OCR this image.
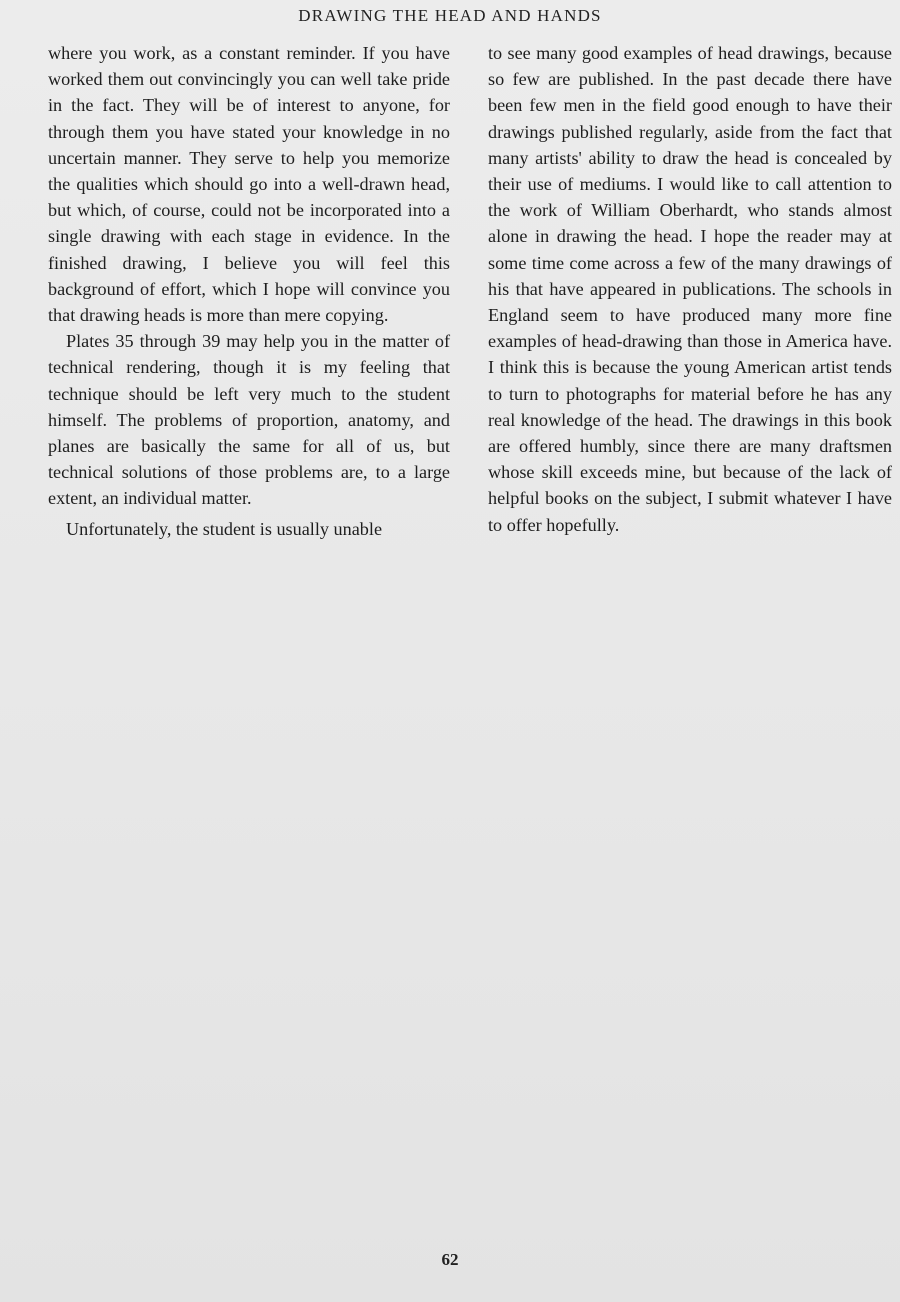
DRAWING THE HEAD AND HANDS

where you work, as a constant reminder. If you have worked them out convincingly you can well take pride in the fact. They will be of interest to anyone, for through them you have stated your knowledge in no uncertain manner. They serve to help you memorize the qualities which should go into a well-drawn head, but which, of course, could not be incorporated into a single drawing with each stage in evidence. In the finished drawing, I believe you will feel this background of effort, which I hope will convince you that drawing heads is more than mere copying.

Plates 35 through 39 may help you in the matter of technical rendering, though it is my feeling that technique should be left very much to the student himself. The problems of proportion, anatomy, and planes are basically the same for all of us, but technical solutions of those problems are, to a large extent, an individual matter.

Unfortunately, the student is usually unable

to see many good examples of head drawings, because so few are published. In the past decade there have been few men in the field good enough to have their drawings published regularly, aside from the fact that many artists' ability to draw the head is concealed by their use of mediums. I would like to call attention to the work of William Oberhardt, who stands almost alone in drawing the head. I hope the reader may at some time come across a few of the many drawings of his that have appeared in publications. The schools in England seem to have produced many more fine examples of head-drawing than those in America have. I think this is because the young American artist tends to turn to photographs for material before he has any real knowledge of the head. The drawings in this book are offered humbly, since there are many draftsmen whose skill exceeds mine, but because of the lack of helpful books on the subject, I submit whatever I have to offer hopefully.

62
